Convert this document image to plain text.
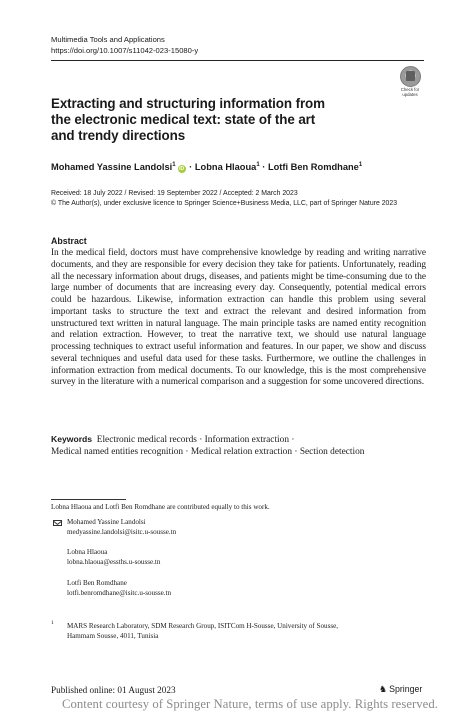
Multimedia Tools and Applications
https://doi.org/10.1007/s11042-023-15080-y
Check for
updates
Extracting and structuring information from the electronic medical text: state of the art and trendy directions
Mohamed Yassine Landolsi$^1$iD · Lobna Hlaoua$^1$ · Lotfi Ben Romdhane$^1$
Received: 18 July 2022 / Revised: 19 September 2022 / Accepted: 2 March 2023
© The Author(s), under exclusive licence to Springer Science+Business Media, LLC, part of Springer Nature 2023
Abstract
In the medical field, doctors must have comprehensive knowledge by reading and writing narrative documents, and they are responsible for every decision they take for patients. Unfortunately, reading all the necessary information about drugs, diseases, and patients might be time-consuming due to the large number of documents that are increasing every day. Consequently, potential medical errors could be hazardous. Likewise, information extraction can handle this problem using several important tasks to structure the text and extract the relevant and desired information from unstructured text written in natural language. The main principle tasks are named entity recognition and relation extraction. However, to treat the narrative text, we should use natural language processing techniques to extract useful information and features. In our paper, we show and discuss several techniques and useful data used for these tasks. Furthermore, we outline the challenges in information extraction from medical documents. To our knowledge, this is the most comprehensive survey in the literature with a numerical comparison and a suggestion for some uncovered directions.
Keywords Electronic medical records · Information extraction ·
Medical named entities recognition · Medical relation extraction · Section detection
Lobna Hlaoua and Lotfi Ben Romdhane are contributed equally to this work.
Mohamed Yassine Landolsi
medyassine.landolsi@isitc.u-sousse.tn
Lobna Hlaoua
lobna.hlaoua@essths.u-sousse.tn
Lotfi Ben Romdhane
lotfi.benromdhane@isitc.u-sousse.tn
1 MARS Research Laboratory, SDM Research Group, ISITCom H-Sousse, University of Sousse,
Hammam Sousse, 4011, Tunisia
Published online: 01 August 2023	♞ Springer
Content courtesy of Springer Nature, terms of use apply. Rights reserved.
